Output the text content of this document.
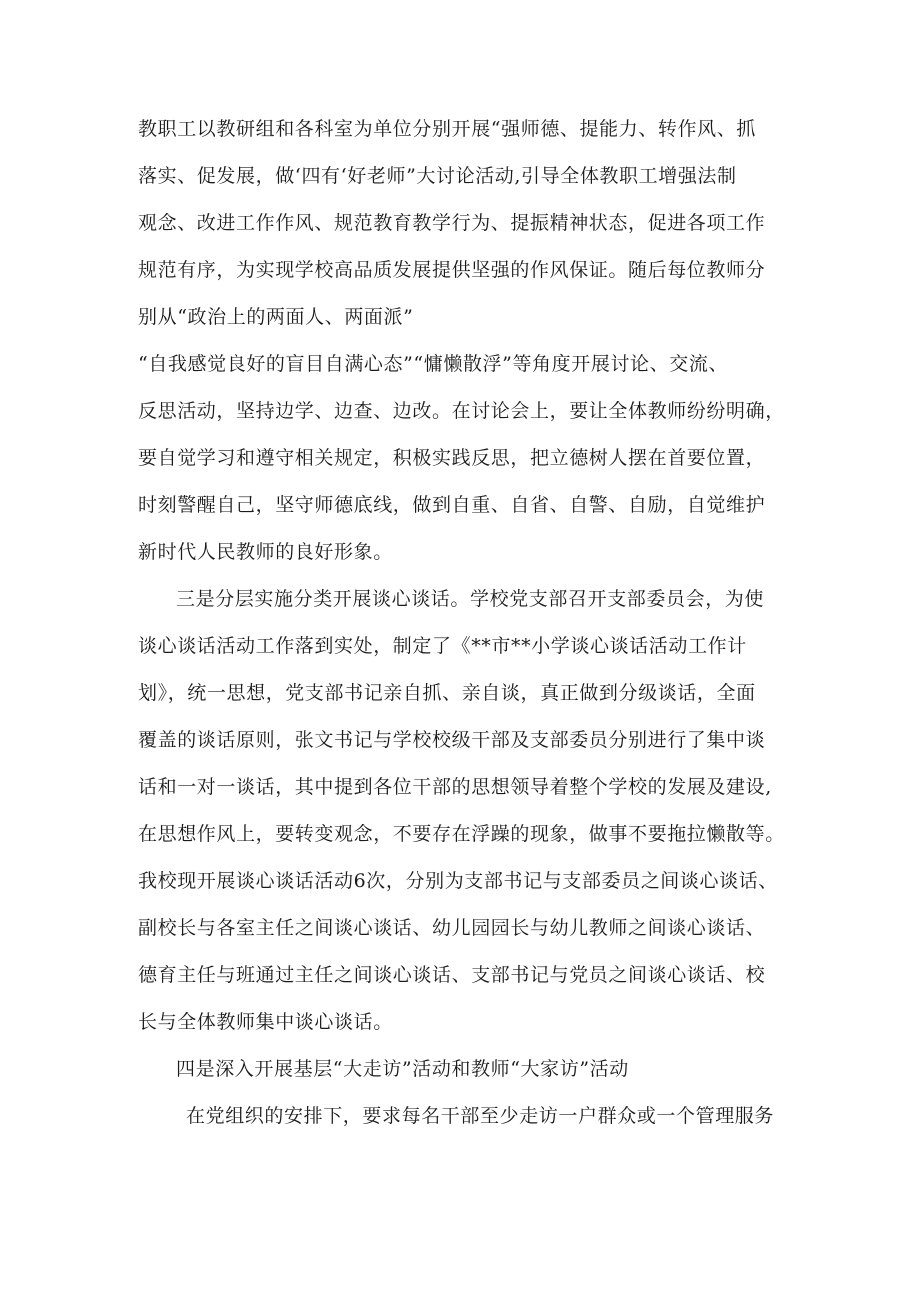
教职工以教研组和各科室为单位分别开展“强师德、提能力、转作风、抓
落实、促发展，做‘四有‘好老师”大讨论活动,引导全体教职工增强法制
观念、改进工作作风、规范教育教学行为、提振精神状态，促进各项工作
规范有序，为实现学校高品质发展提供坚强的作风保证。随后每位教师分
别从“政治上的两面人、两面派”
“自我感觉良好的盲目自满心态”“慵懒散浮”等角度开展讨论、交流、
反思活动，坚持边学、边查、边改。在讨论会上，要让全体教师纷纷明确，
要自觉学习和遵守相关规定，积极实践反思，把立德树人摆在首要位置，
时刻警醒自己，坚守师德底线，做到自重、自省、自警、自励，自觉维护
新时代人民教师的良好形象。
三是分层实施分类开展谈心谈话。学校党支部召开支部委员会，为使
谈心谈话活动工作落到实处，制定了《**市**小学谈心谈话活动工作计
划》，统一思想，党支部书记亲自抓、亲自谈，真正做到分级谈话，全面
覆盖的谈话原则，张文书记与学校校级干部及支部委员分别进行了集中谈
话和一对一谈话，其中提到各位干部的思想领导着整个学校的发展及建设,
在思想作风上，要转变观念，不要存在浮躁的现象，做事不要拖拉懒散等。
我校现开展谈心谈话活动6次，分别为支部书记与支部委员之间谈心谈话、
副校长与各室主任之间谈心谈话、幼儿园园长与幼儿教师之间谈心谈话、
德育主任与班通过主任之间谈心谈话、支部书记与党员之间谈心谈话、校
长与全体教师集中谈心谈话。
四是深入开展基层“大走访”活动和教师“大家访”活动
在党组织的安排下，要求每名干部至少走访一户群众或一个管理服务
